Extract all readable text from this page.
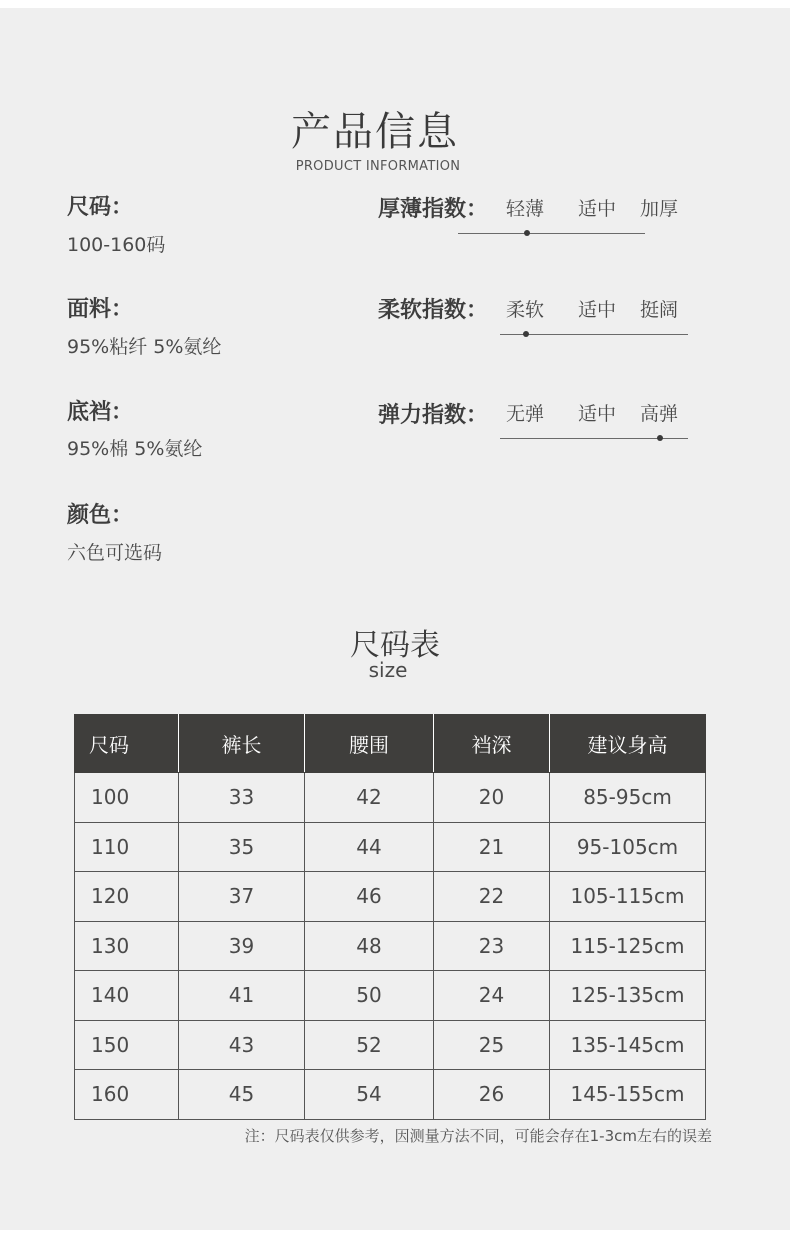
产品信息
PRODUCT INFORMATION
尺码：
100-160码
面料：
95%粘纤 5%氨纶
底裆：
95%棉 5%氨纶
颜色：
六色可选码
厚薄指数： 轻薄 适中 加厚
柔软指数： 柔软 适中 挺阔
弹力指数： 无弹 适中 高弹
尺码表
size
尺码	裤长	腰围	裆深	建议身高
100	33	42	20	85-95cm
110	35	44	21	95-105cm
120	37	46	22	105-115cm
130	39	48	23	115-125cm
140	41	50	24	125-135cm
150	43	52	25	135-145cm
160	45	54	26	145-155cm
注：尺码表仅供参考，因测量方法不同，可能会存在1-3cm左右的误差
